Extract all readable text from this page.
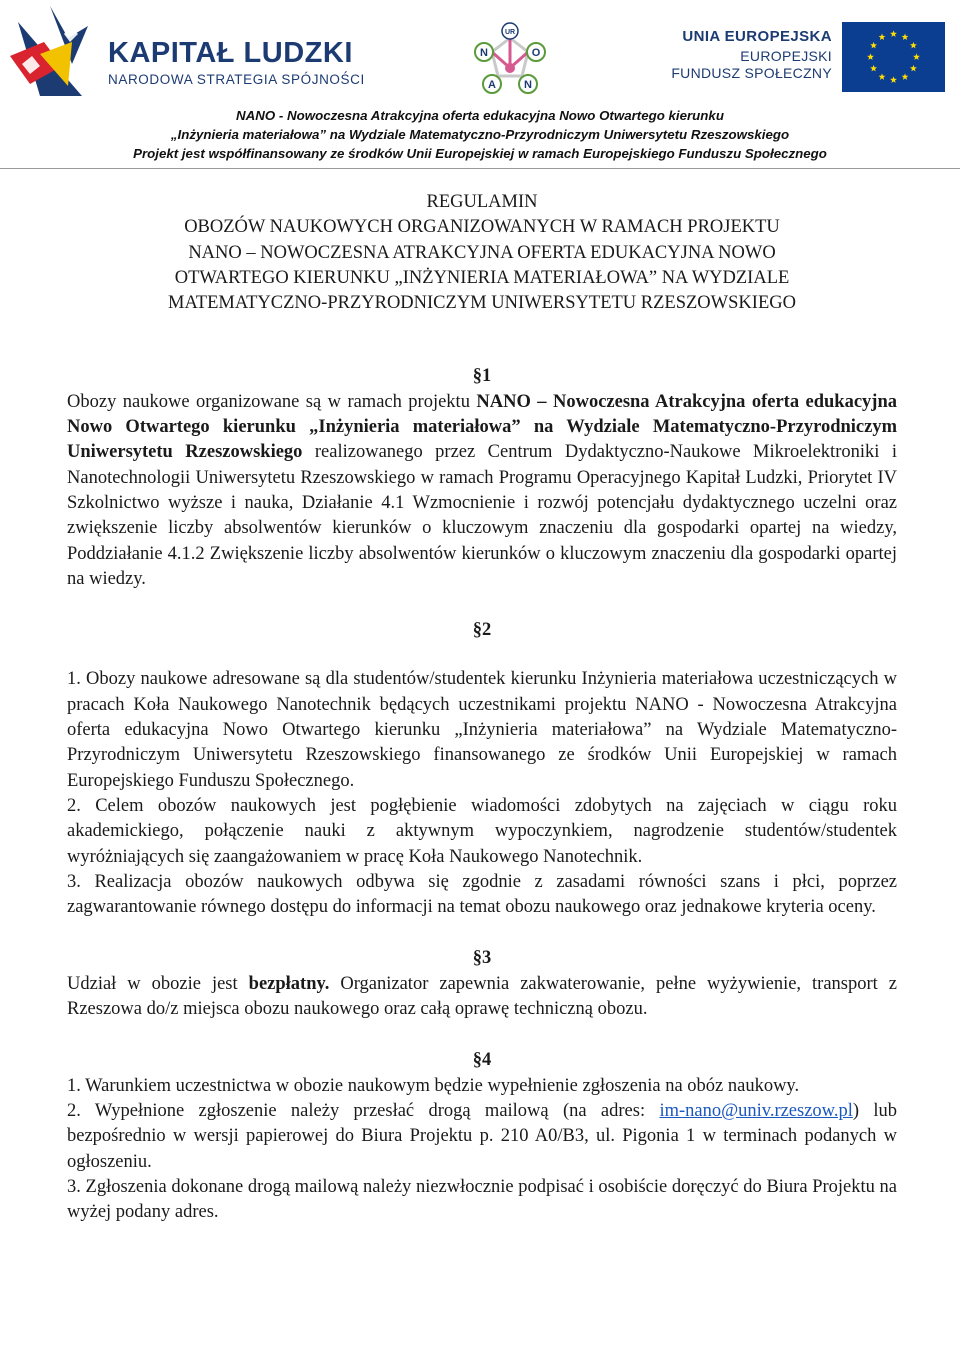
KAPITAŁ LUDZKI
NARODOWA STRATEGIA SPÓJNOŚCI
UR
N	O
A	N
UNIA EUROPEJSKA
EUROPEJSKI
FUNDUSZ SPOŁECZNY
NANO - Nowoczesna Atrakcyjna oferta edukacyjna Nowo Otwartego kierunku
„Inżynieria materiałowa” na Wydziale Matematyczno-Przyrodniczym Uniwersytetu Rzeszowskiego
Projekt jest współfinansowany ze środków Unii Europejskiej w ramach Europejskiego Funduszu Społecznego
REGULAMIN
OBOZÓW NAUKOWYCH ORGANIZOWANYCH W RAMACH PROJEKTU
NANO – NOWOCZESNA ATRAKCYJNA OFERTA EDUKACYJNA NOWO
OTWARTEGO KIERUNKU „INŻYNIERIA MATERIAŁOWA” NA WYDZIALE
MATEMATYCZNO-PRZYRODNICZYM UNIWERSYTETU RZESZOWSKIEGO
§1

Obozy naukowe organizowane są w ramach projektu NANO – Nowoczesna Atrakcyjna oferta edukacyjna Nowo Otwartego kierunku „Inżynieria materiałowa” na Wydziale Matematyczno-Przyrodniczym Uniwersytetu Rzeszowskiego realizowanego przez Centrum Dydaktyczno-Naukowe Mikroelektroniki i Nanotechnologii Uniwersytetu Rzeszowskiego w ramach Programu Operacyjnego Kapitał Ludzki, Priorytet IV Szkolnictwo wyższe i nauka, Działanie 4.1 Wzmocnienie i rozwój potencjału dydaktycznego uczelni oraz zwiększenie liczby absolwentów kierunków o kluczowym znaczeniu dla gospodarki opartej na wiedzy, Poddziałanie 4.1.2 Zwiększenie liczby absolwentów kierunków o kluczowym znaczeniu dla gospodarki opartej na wiedzy.

§2

1. Obozy naukowe adresowane są dla studentów/studentek kierunku Inżynieria materiałowa uczestniczących w pracach Koła Naukowego Nanotechnik będących uczestnikami projektu NANO - Nowoczesna Atrakcyjna oferta edukacyjna Nowo Otwartego kierunku „Inżynieria materiałowa” na Wydziale Matematyczno-Przyrodniczym Uniwersytetu Rzeszowskiego finansowanego ze środków Unii Europejskiej w ramach Europejskiego Funduszu Społecznego.

2. Celem obozów naukowych jest pogłębienie wiadomości zdobytych na zajęciach w ciągu roku akademickiego, połączenie nauki z aktywnym wypoczynkiem, nagrodzenie studentów/studentek wyróżniających się zaangażowaniem w pracę Koła Naukowego Nanotechnik.

3. Realizacja obozów naukowych odbywa się zgodnie z zasadami równości szans i płci, poprzez zagwarantowanie równego dostępu do informacji na temat obozu naukowego oraz jednakowe kryteria oceny.

§3

Udział w obozie jest bezpłatny. Organizator zapewnia zakwaterowanie, pełne wyżywienie, transport z Rzeszowa do/z miejsca obozu naukowego oraz całą oprawę techniczną obozu.

§4

1. Warunkiem uczestnictwa w obozie naukowym będzie wypełnienie zgłoszenia na obóz naukowy.

2. Wypełnione zgłoszenie należy przesłać drogą mailową (na adres: im-nano@univ.rzeszow.pl) lub bezpośrednio w wersji papierowej do Biura Projektu p. 210 A0/B3, ul. Pigonia 1 w terminach podanych w ogłoszeniu.

3. Zgłoszenia dokonane drogą mailową należy niezwłocznie podpisać i osobiście doręczyć do Biura Projektu na wyżej podany adres.
